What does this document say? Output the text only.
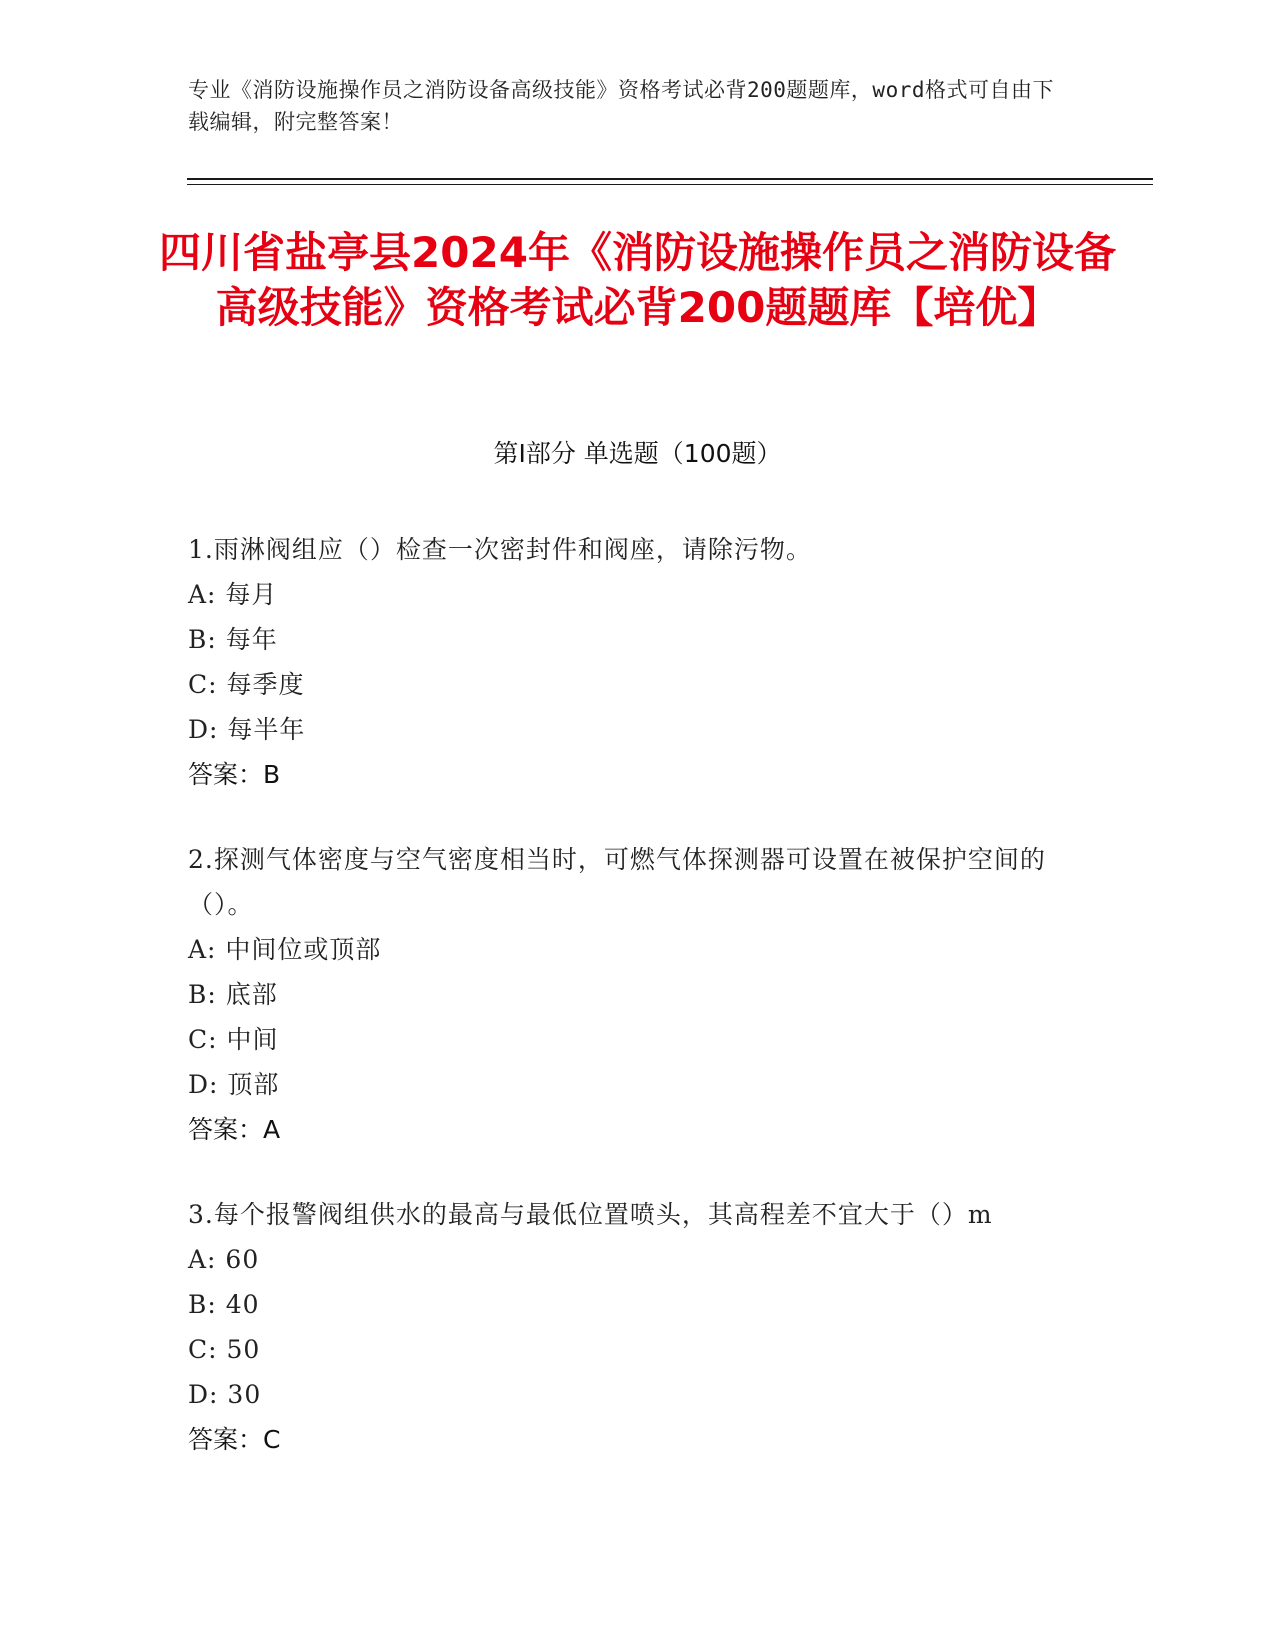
专业《消防设施操作员之消防设备高级技能》资格考试必背200题题库，word格式可自由下载编辑，附完整答案！
四川省盐亭县2024年《消防设施操作员之消防设备高级技能》资格考试必背200题题库【培优】
第Ⅰ部分 单选题（100题）
1.雨淋阀组应（）检查一次密封件和阀座，请除污物。
A: 每月
B: 每年
C: 每季度
D: 每半年
答案：B
2.探测气体密度与空气密度相当时，可燃气体探测器可设置在被保护空间的（）。
A: 中间位或顶部
B: 底部
C: 中间
D: 顶部
答案：A
3.每个报警阀组供水的最高与最低位置喷头，其高程差不宜大于（）m
A: 60
B: 40
C: 50
D: 30
答案：C
